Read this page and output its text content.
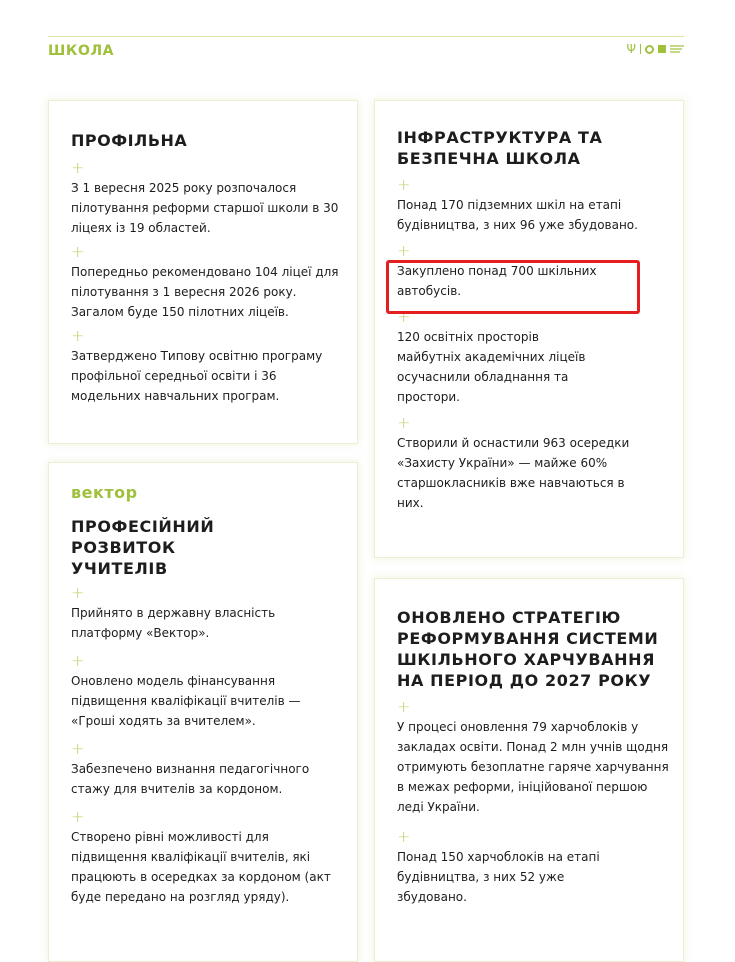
ШКОЛА	Ψ
ПРОФІЛЬНА
+

З 1 вересня 2025 року розпочалося пілотування реформи старшої школи в 30 ліцеях із 19 областей.

+

Попередньо рекомендовано 104 ліцеї для пілотування з 1 вересня 2026 року. Загалом буде 150 пілотних ліцеїв.

+

Затверджено Типову освітню програму профільної середньої освіти і 36 модельних навчальних програм.

вектор
ПРОФЕСІЙНИЙ РОЗВИТОК УЧИТЕЛІВ
+

Прийнято в державну власність платформу «Вектор».

+

Оновлено модель фінансування підвищення кваліфікації вчителів — «Гроші ходять за вчителем».

+

Забезпечено визнання педагогічного стажу для вчителів за кордоном.

+

Створено рівні можливості для підвищення кваліфікації вчителів, які працюють в осередках за кордоном (акт буде передано на розгляд уряду).

ІНФРАСТРУКТУРА ТА БЕЗПЕЧНА ШКОЛА
+

Понад 170 підземних шкіл на етапі будівництва, з них 96 уже збудовано.

+

Закуплено понад 700 шкільних автобусів.

+

120 освітніх просторів майбутніх академічних ліцеїв осучаснили обладнання та простори.

+

Створили й оснастили 963 осередки «Захисту України» — майже 60% старшокласників вже навчаються в них.

ОНОВЛЕНО СТРАТЕГІЮ РЕФОРМУВАННЯ СИСТЕМИ ШКІЛЬНОГО ХАРЧУВАННЯ НА ПЕРІОД ДО 2027 РОКУ
+

У процесі оновлення 79 харчоблоків у закладах освіти. Понад 2 млн учнів щодня отримують безоплатне гаряче харчування в межах реформи, ініційованої першою леді України.

+

Понад 150 харчоблоків на етапі будівництва, з них 52 уже збудовано.
